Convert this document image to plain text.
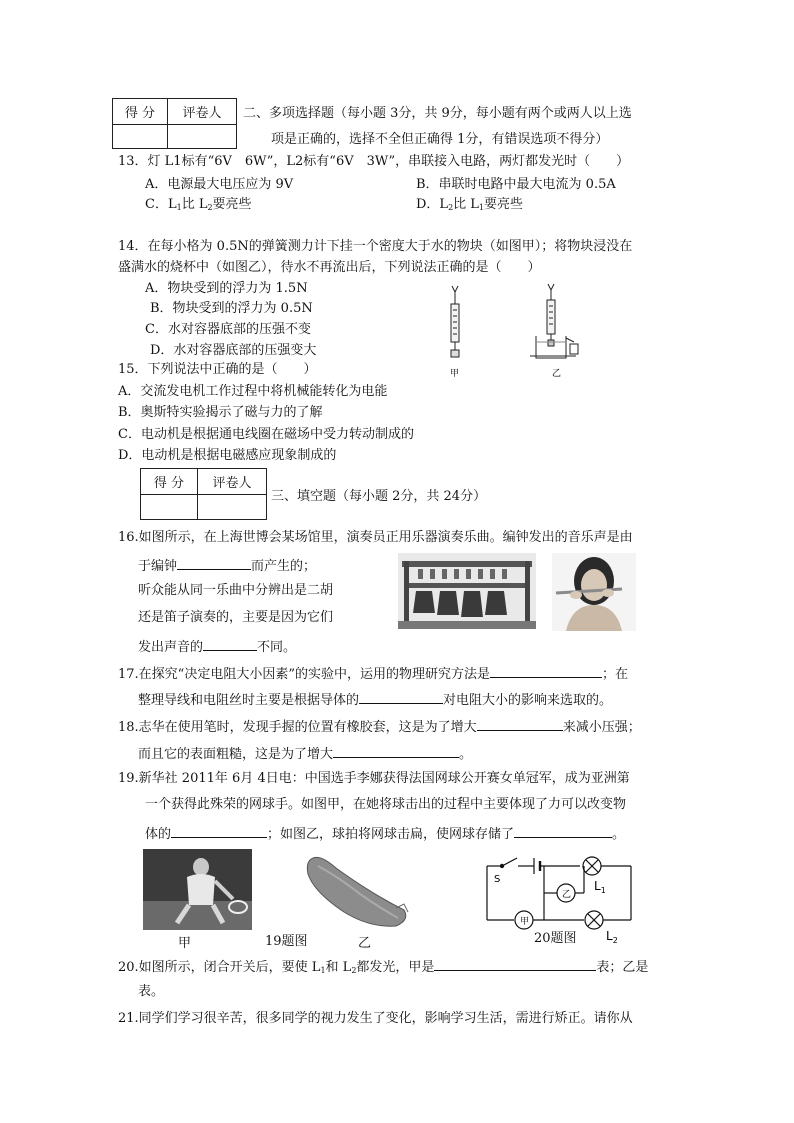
得 分	评卷人
	二、多项选择题（每小题 3分，共 9分，每小题有两个或两人以上选
项是正确的，选择不全但正确得 1分，有错误选项不得分）
13．灯 L1标有“6V　6W”，L2标有“6V　3W”，串联接入电路，两灯都发光时（　　）
A．电源最大电压应为 9V	B．串联时电路中最大电流为 0.5A
C．$L_1$比 $L_2$要亮些	D．$L_2$比 $L_1$要亮些
14．在每小格为 0.5N的弹簧测力计下挂一个密度大于水的物块（如图甲）；将物块浸没在
盛满水的烧杯中（如图乙），待水不再流出后，下列说法正确的是（　　）
A．物块受到的浮力为 1.5N
B．物块受到的浮力为 0.5N
C．水对容器底部的压强不变
D．水对容器底部的压强变大
甲	乙
15．下列说法中正确的是（　　）
A．交流发电机工作过程中将机械能转化为电能
B．奥斯特实验揭示了磁与力的了解
C．电动机是根据通电线圈在磁场中受力转动制成的
D．电动机是根据电磁感应现象制成的
得 分	评卷人

三、填空题（每小题 2分，共 24分）
16.如图所示，在上海世博会某场馆里，演奏员正用乐器演奏乐曲。编钟发出的音乐声是由
于编钟	而产生的；
听众能从同一乐曲中分辨出是二胡
还是笛子演奏的，主要是因为它们
发出声音的	不同。
17.在探究“决定电阻大小因素”的实验中，运用的物理研究方法是	；在
整理导线和电阻丝时主要是根据导体的	对电阻大小的影响来选取的。
18.志华在使用笔时，发现手握的位置有橡胶套，这是为了增大	来减小压强；
而且它的表面粗糙，这是为了增大	。
19.新华社 2011年 6月 4日电：中国选手李娜获得法国网球公开赛女单冠军，成为亚洲第
一个获得此殊荣的网球手。如图甲，在她将球击出的过程中主要体现了力可以改变物
体的	；如图乙，球拍将网球击扁，使网球存储了	。
甲	19题图	乙
S
乙
甲
$L_1$
$L_2$
20题图
20.如图所示，闭合开关后，要使 $L_1$和 $L_2$都发光，甲是	表；乙是
表。
21.同学们学习很辛苦，很多同学的视力发生了变化，影响学习生活，需进行矫正。请你从
